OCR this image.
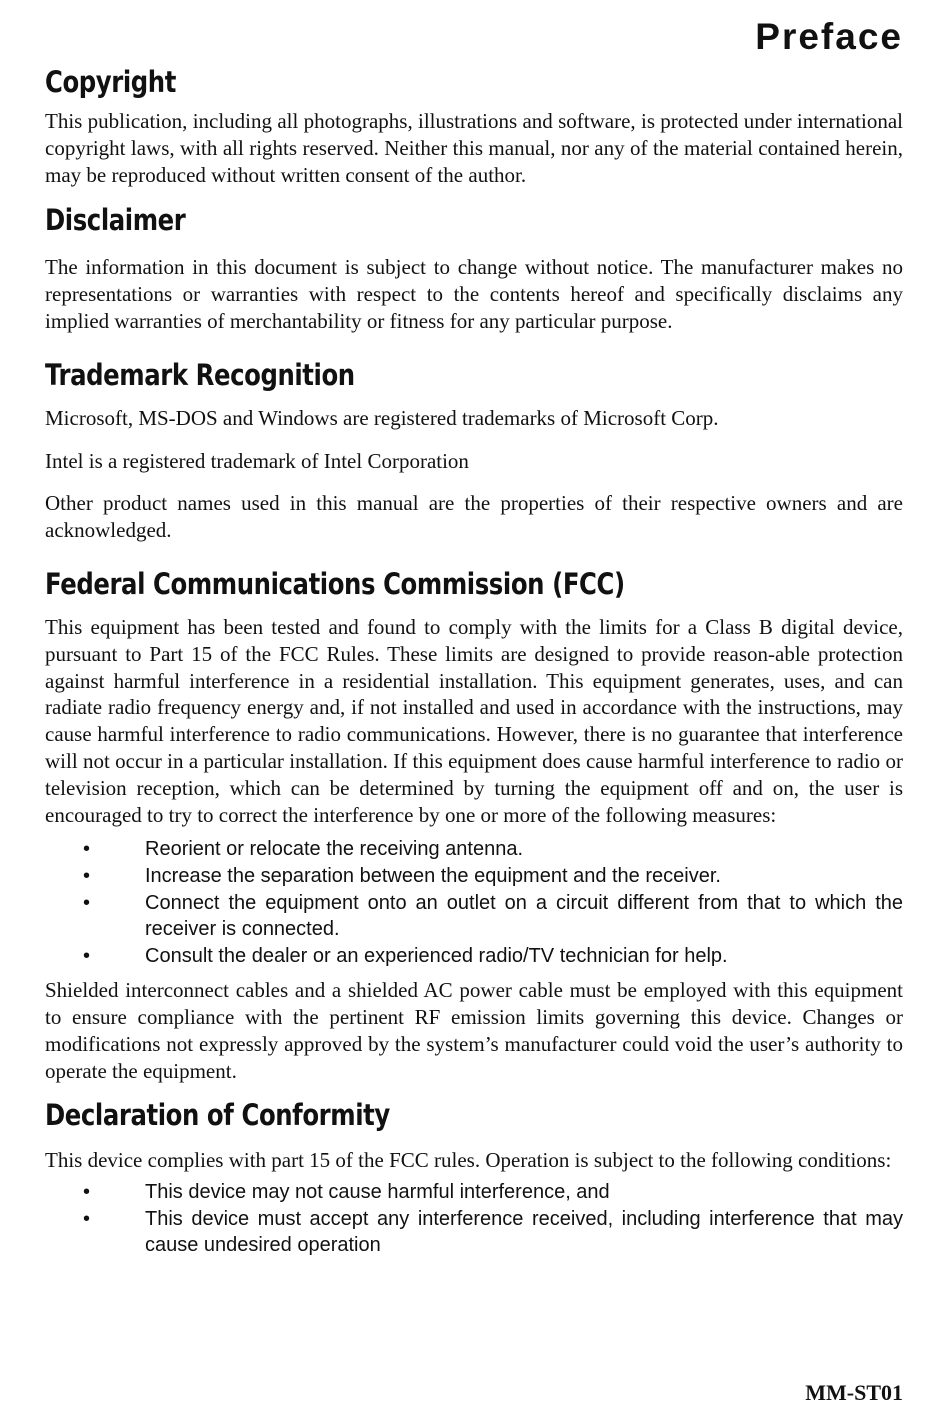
Preface
Copyright

This publication, including all photographs, illustrations and software, is protected under international copyright laws, with all rights reserved. Neither this manual, nor any of the material contained herein, may be reproduced without written consent of the author.

Disclaimer

The information in this document is subject to change without notice. The manufacturer makes no representations or warranties with respect to the contents hereof and specifically disclaims any implied warranties of merchantability or fitness for any particular purpose.

Trademark Recognition

Microsoft, MS-DOS and Windows are registered trademarks of Microsoft Corp.

Intel is a registered trademark of Intel Corporation

Other product names used in this manual are the properties of their respective owners and are acknowledged.

Federal Communications Commission (FCC)

This equipment has been tested and found to comply with the limits for a Class B digital device, pursuant to Part 15 of the FCC Rules. These limits are designed to provide reason-able protection against harmful interference in a residential installation. This equipment generates, uses, and can radiate radio frequency energy and, if not installed and used in accordance with the instructions, may cause harmful interference to radio communications. However, there is no guarantee that interference will not occur in a particular installation. If this equipment does cause harmful interference to radio or television reception, which can be determined by turning the equipment off and on, the user is encouraged to try to correct the interference by one or more of the following measures:

•	Reorient or relocate the receiving antenna.
•	Increase the separation between the equipment and the receiver.
•	Connect the equipment onto an outlet on a circuit different from that to which the receiver is connected.
•	Consult the dealer or an experienced radio/TV technician for help.

Shielded interconnect cables and a shielded AC power cable must be employed with this equipment to ensure compliance with the pertinent RF emission limits governing this device. Changes or modifications not expressly approved by the system’s manufacturer could void the user’s authority to operate the equipment.

Declaration of Conformity

This device complies with part 15 of the FCC rules. Operation is subject to the following conditions:

•	This device may not cause harmful interference, and
•	This device must accept any interference received, including interference that may cause undesired operation

MM-ST01
